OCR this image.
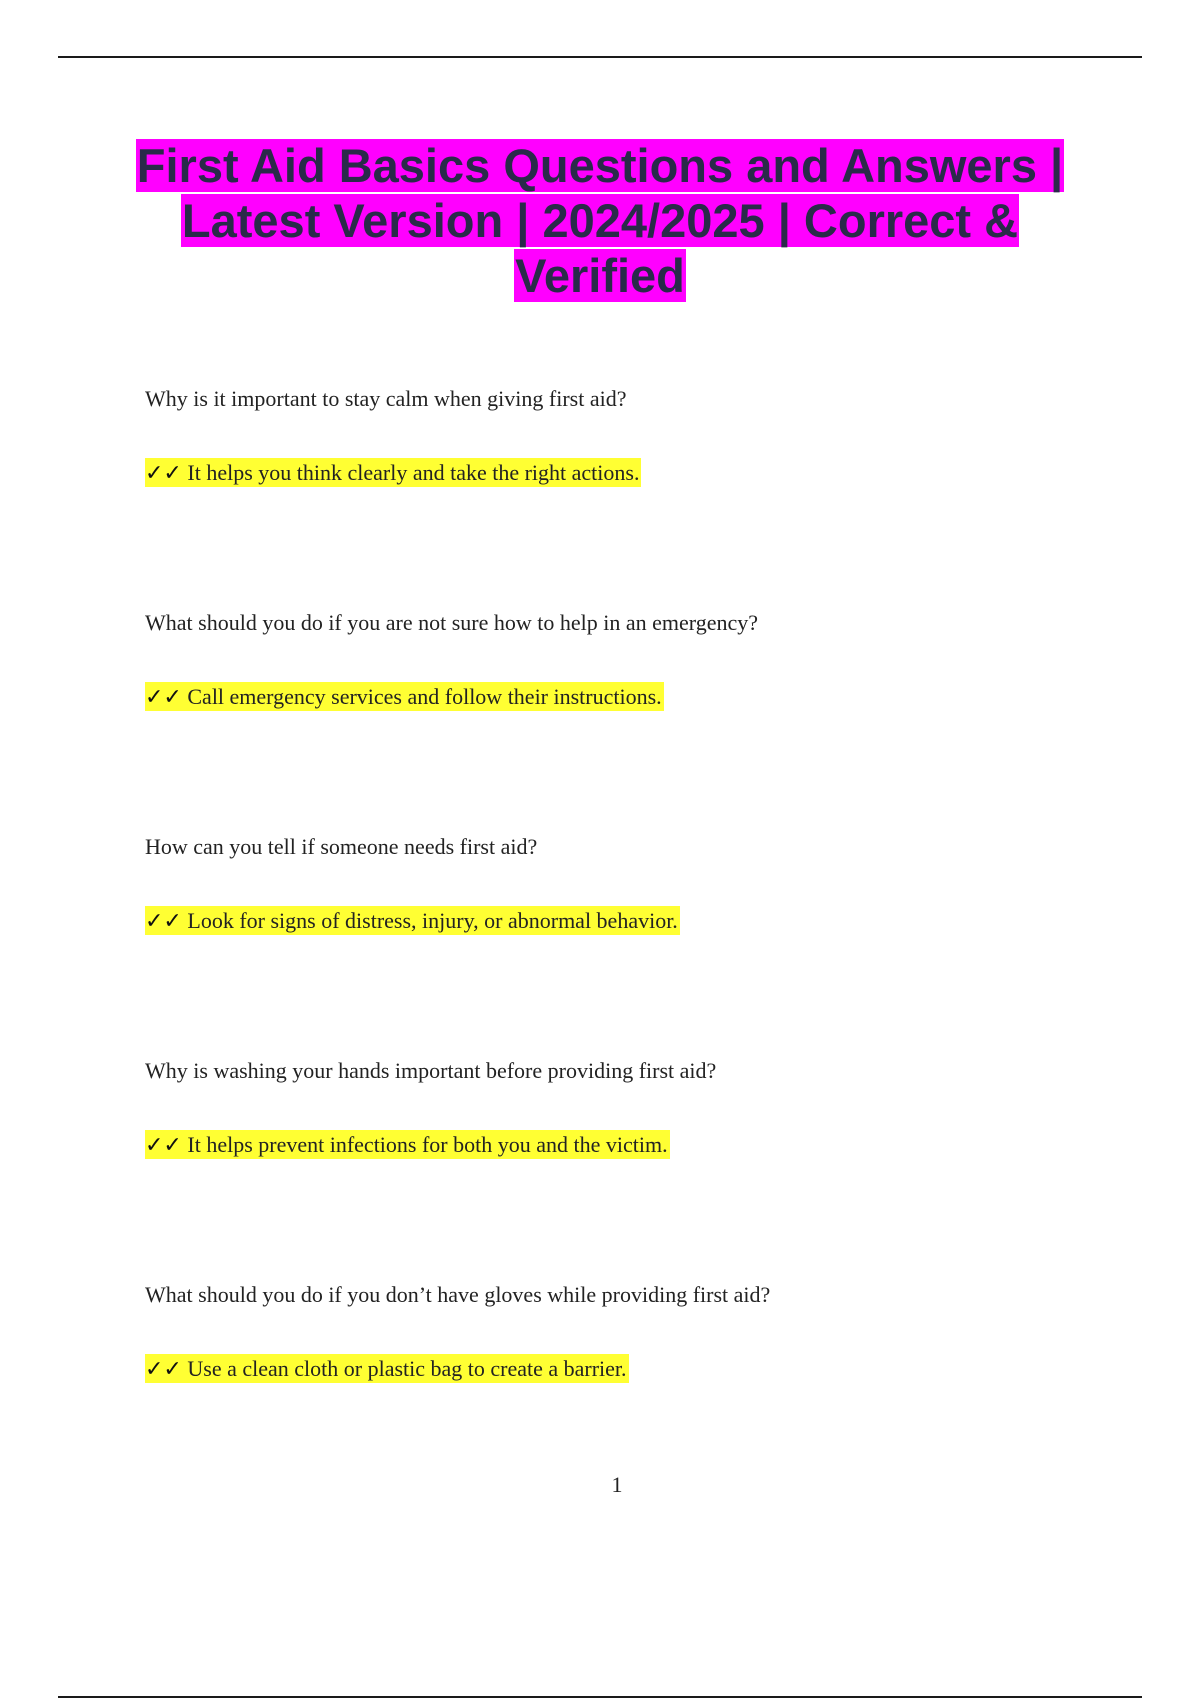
First Aid Basics Questions and Answers | Latest Version | 2024/2025 | Correct & Verified
Why is it important to stay calm when giving first aid?
✓✓ It helps you think clearly and take the right actions.
What should you do if you are not sure how to help in an emergency?
✓✓ Call emergency services and follow their instructions.
How can you tell if someone needs first aid?
✓✓ Look for signs of distress, injury, or abnormal behavior.
Why is washing your hands important before providing first aid?
✓✓ It helps prevent infections for both you and the victim.
What should you do if you don’t have gloves while providing first aid?
✓✓ Use a clean cloth or plastic bag to create a barrier.
1
